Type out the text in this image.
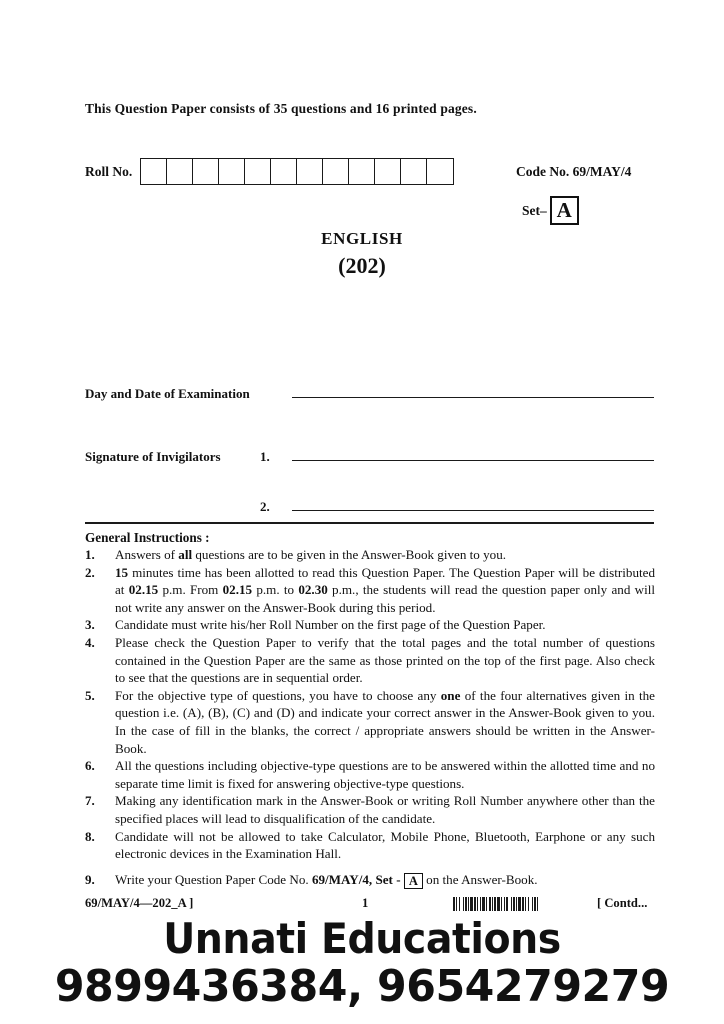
This Question Paper consists of 35 questions and 16 printed pages.
Roll No.	Code No. 69/MAY/4
Set– A
ENGLISH
(202)
Day and Date of Examination
Signature of Invigilators	1.
2.
General Instructions :
1.	Answers of all questions are to be given in the Answer-Book given to you.
2.	15 minutes time has been allotted to read this Question Paper. The Question Paper will be distributed at 02.15 p.m. From 02.15 p.m. to 02.30 p.m., the students will read the question paper only and will not write any answer on the Answer-Book during this period.
3.	Candidate must write his/her Roll Number on the first page of the Question Paper.
4.	Please check the Question Paper to verify that the total pages and the total number of questions contained in the Question Paper are the same as those printed on the top of the first page. Also check to see that the questions are in sequential order.
5.	For the objective type of questions, you have to choose any one of the four alternatives given in the question i.e. (A), (B), (C) and (D) and indicate your correct answer in the Answer-Book given to you. In the case of fill in the blanks, the correct / appropriate answers should be written in the Answer-Book.
6.	All the questions including objective-type questions are to be answered within the allotted time and no separate time limit is fixed for answering objective-type questions.
7.	Making any identification mark in the Answer-Book or writing Roll Number anywhere other than the specified places will lead to disqualification of the candidate.
8.	Candidate will not be allowed to take Calculator, Mobile Phone, Bluetooth, Earphone or any such electronic devices in the Examination Hall.
9.	Write your Question Paper Code No. 69/MAY/4, Set - A on the Answer-Book.
69/MAY/4—202_A ]	1	[ Contd...
Unnati Educations
9899436384, 9654279279
